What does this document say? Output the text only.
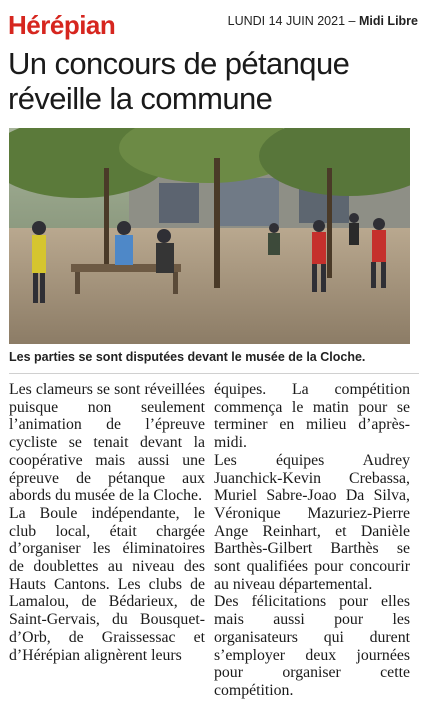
Hérépian	LUNDI 14 JUIN 2021 – Midi Libre
Un concours de pétanque réveille la commune
Les parties se sont disputées devant le musée de la Cloche.

Les clameurs se sont réveillées puisque non seulement l’animation de l’épreuve cycliste se tenait devant la coopérative mais aussi une épreuve de pétanque aux abords du musée de la Cloche.

La Boule indépendante, le club local, était chargée d’organiser les éliminatoires de doublettes au niveau des Hauts Cantons. Les clubs de Lamalou, de Bédarieux, de Saint-Gervais, du Bousquet-d’Orb, de Graissessac et d’Hérépian alignèrent leurs

équipes. La compétition commença le matin pour se terminer en milieu d’après-midi.

Les équipes Audrey Juanchick-Kevin Crebassa, Muriel Sabre-Joao Da Silva, Véronique Mazuriez-Pierre Ange Reinhart, et Danièle Barthès-Gilbert Barthès se sont qualifiées pour concourir au niveau départemental.

Des félicitations pour elles mais aussi pour les organisateurs qui durent s’employer deux journées pour organiser cette compétition.
